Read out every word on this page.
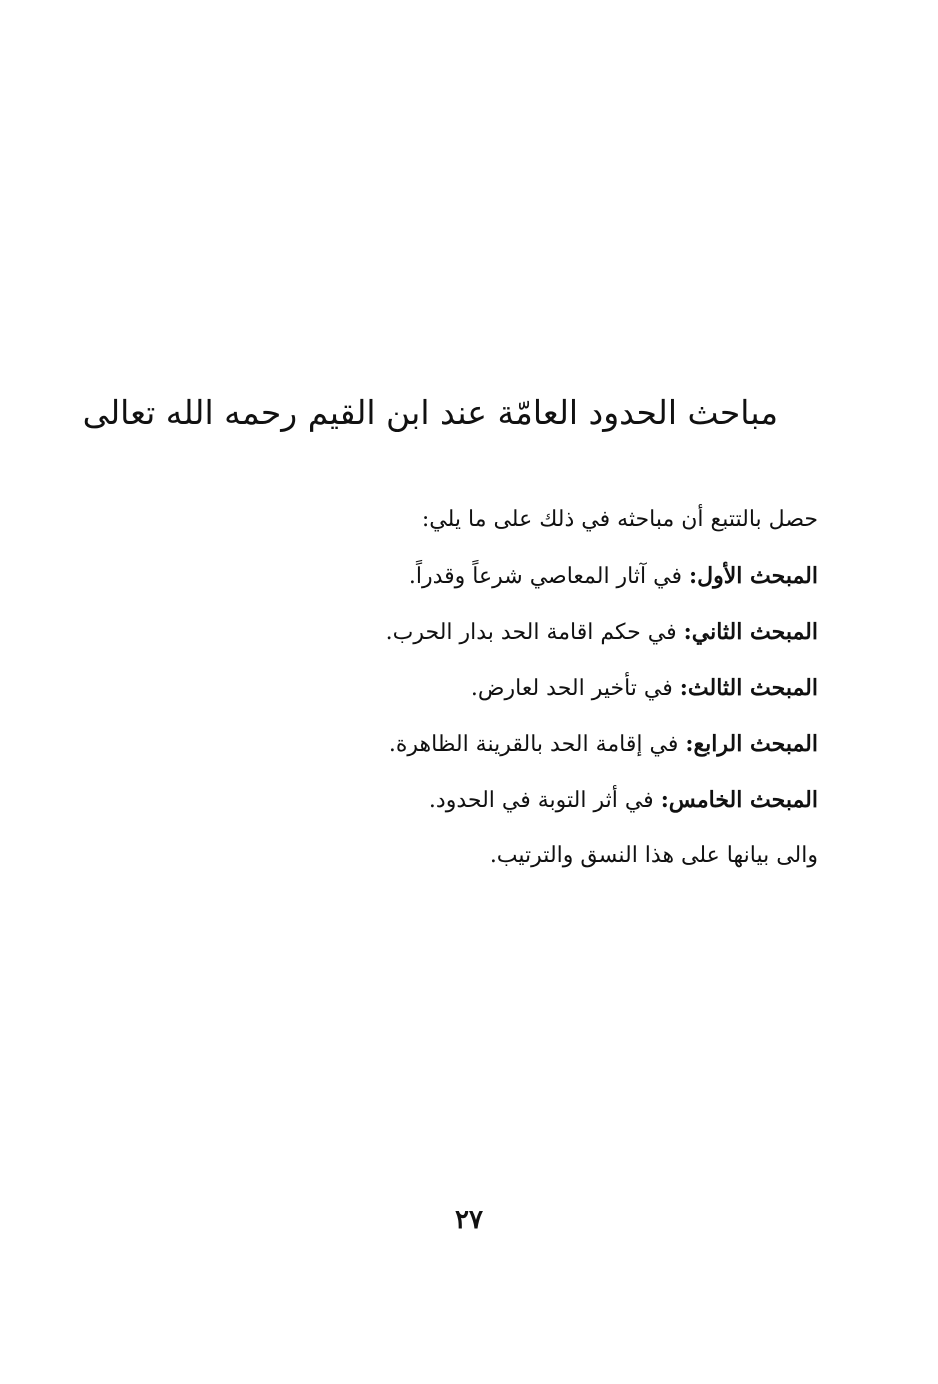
مباحث الحدود العامّة عند ابن القيم رحمه الله تعالى
حصل بالتتبع أن مباحثه في ذلك على ما يلي:
المبحث الأول: في آثار المعاصي شرعاً وقدراً.
المبحث الثاني: في حكم اقامة الحد بدار الحرب.
المبحث الثالث: في تأخير الحد لعارض.
المبحث الرابع: في إقامة الحد بالقرينة الظاهرة.
المبحث الخامس: في أثر التوبة في الحدود.
والى بيانها على هذا النسق والترتيب.
٢٧
